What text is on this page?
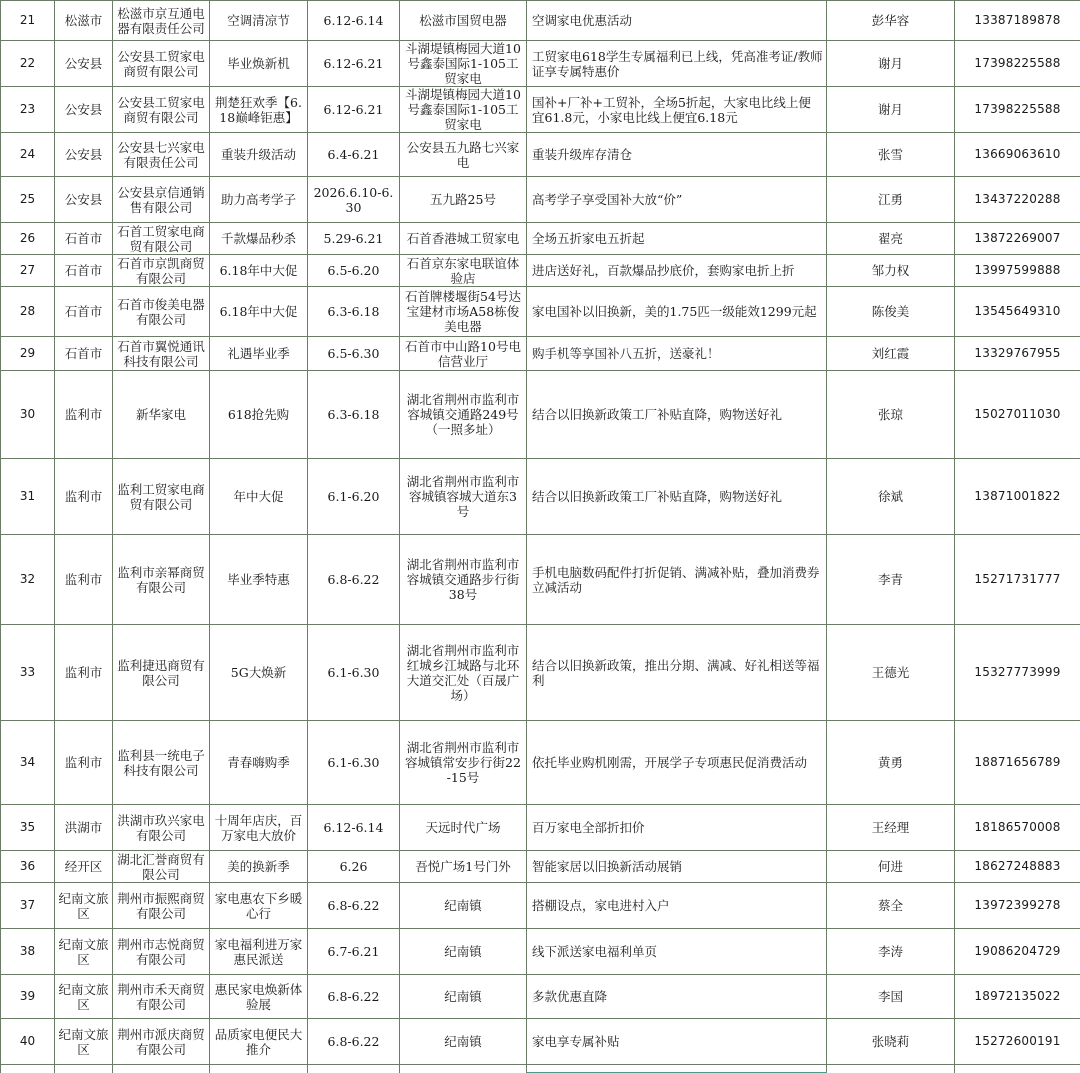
21	松滋市	松滋市京互通电器有限责任公司	空调清凉节	6.12-6.14	松滋市国贸电器	空调家电优惠活动	彭华容	13387189878
22	公安县	公安县工贸家电商贸有限公司	毕业焕新机	6.12-6.21	斗湖堤镇梅园大道10号鑫泰国际1-105工贸家电	工贸家电618学生专属福利已上线，凭高准考证/教师证享专属特惠价	谢月	17398225588
23	公安县	公安县工贸家电商贸有限公司	荆楚狂欢季【6.18巅峰钜惠】	6.12-6.21	斗湖堤镇梅园大道10号鑫泰国际1-105工贸家电	国补+厂补+工贸补，全场5折起，大家电比线上便宜61.8元，小家电比线上便宜6.18元	谢月	17398225588
24	公安县	公安县七兴家电有限责任公司	重装升级活动	6.4-6.21	公安县五九路七兴家电	重装升级库存清仓	张雪	13669063610
25	公安县	公安县京信通销售有限公司	助力高考学子	2026.6.10-6.30	五九路25号	高考学子享受国补大放“价”	江勇	13437220288
26	石首市	石首工贸家电商贸有限公司	千款爆品秒杀	5.29-6.21	石首香港城工贸家电	全场五折家电五折起	翟亮	13872269007
27	石首市	石首市京凯商贸有限公司	6.18年中大促	6.5-6.20	石首京东家电联谊体验店	进店送好礼，百款爆品抄底价，套购家电折上折	邹力权	13997599888
28	石首市	石首市俊美电器有限公司	6.18年中大促	6.3-6.18	石首牌楼堰街54号达宝建材市场A58栋俊美电器	家电国补以旧换新，美的1.75匹一级能效1299元起	陈俊美	13545649310
29	石首市	石首市翼悦通讯科技有限公司	礼遇毕业季	6.5-6.30	石首市中山路10号电信营业厅	购手机等享国补八五折，送豪礼！	刘红霞	13329767955
30	监利市	新华家电	618抢先购	6.3-6.18	湖北省荆州市监利市容城镇交通路249号（一照多址）	结合以旧换新政策工厂补贴直降，购物送好礼	张琼	15027011030
31	监利市	监利工贸家电商贸有限公司	年中大促	6.1-6.20	湖北省荆州市监利市容城镇容城大道东3号	结合以旧换新政策工厂补贴直降，购物送好礼	徐斌	13871001822
32	监利市	监利市亲幂商贸有限公司	毕业季特惠	6.8-6.22	湖北省荆州市监利市容城镇交通路步行街38号	手机电脑数码配件打折促销、满减补贴，叠加消费券立减活动	李青	15271731777
33	监利市	监利捷迅商贸有限公司	5G大焕新	6.1-6.30	湖北省荆州市监利市红城乡江城路与北环大道交汇处（百晟广场）	结合以旧换新政策，推出分期、满减、好礼相送等福利	王德光	15327773999
34	监利市	监利县一统电子科技有限公司	青春嗨购季	6.1-6.30	湖北省荆州市监利市容城镇常安步行街22-15号	依托毕业购机刚需，开展学子专项惠民促消费活动	黄勇	18871656789
35	洪湖市	洪湖市玖兴家电有限公司	十周年店庆，百万家电大放价	6.12-6.14	天远时代广场	百万家电全部折扣价	王经理	18186570008
36	经开区	湖北汇誉商贸有限公司	美的换新季	6.26	吾悦广场1号门外	智能家居以旧换新活动展销	何进	18627248883
37	纪南文旅区	荆州市振熙商贸有限公司	家电惠农下乡暖心行	6.8-6.22	纪南镇	搭棚设点，家电进村入户	蔡全	13972399278
38	纪南文旅区	荆州市志悦商贸有限公司	家电福利进万家惠民派送	6.7-6.21	纪南镇	线下派送家电福利单页	李涛	19086204729
39	纪南文旅区	荆州市禾天商贸有限公司	惠民家电焕新体验展	6.8-6.22	纪南镇	多款优惠直降	李国	18972135022
40	纪南文旅区	荆州市派庆商贸有限公司	品质家电便民大推介	6.8-6.22	纪南镇	家电享专属补贴	张晓莉	15272600191
